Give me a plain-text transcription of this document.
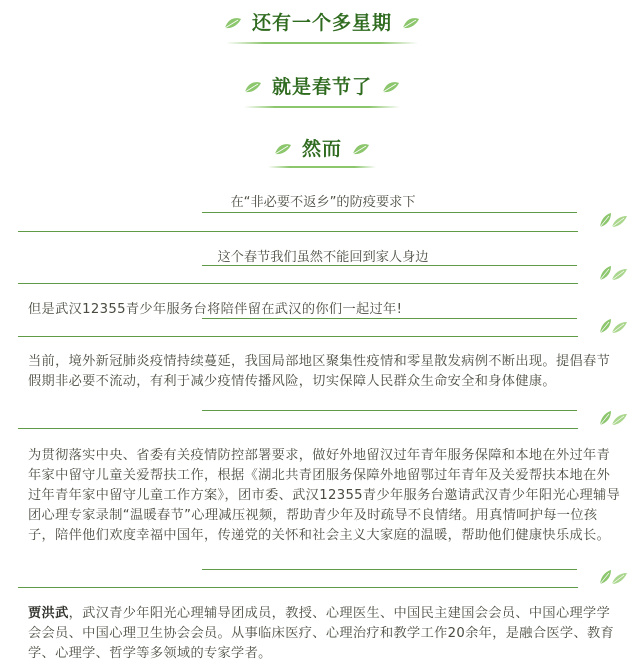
还有一个多星期
就是春节了
然而
在“非必要不返乡”的防疫要求下
这个春节我们虽然不能回到家人身边
但是武汉12355青少年服务台将陪伴留在武汉的你们一起过年!
当前，境外新冠肺炎疫情持续蔓延，我国局部地区聚集性疫情和零星散发病例不断出现。提倡春节假期非必要不流动，有利于减少疫情传播风险，切实保障人民群众生命安全和身体健康。
为贯彻落实中央、省委有关疫情防控部署要求，做好外地留汉过年青年服务保障和本地在外过年青年家中留守儿童关爱帮扶工作，根据《湖北共青团服务保障外地留鄂过年青年及关爱帮扶本地在外过年青年家中留守儿童工作方案》，团市委、武汉12355青少年服务台邀请武汉青少年阳光心理辅导团心理专家录制“温暖春节”心理减压视频，帮助青少年及时疏导不良情绪。用真情呵护每一位孩子，陪伴他们欢度幸福中国年，传递党的关怀和社会主义大家庭的温暖，帮助他们健康快乐成长。
贾洪武，武汉青少年阳光心理辅导团成员，教授、心理医生、中国民主建国会会员、中国心理学学会会员、中国心理卫生协会会员。从事临床医疗、心理治疗和教学工作20余年，是融合医学、教育学、心理学、哲学等多领域的专家学者。
